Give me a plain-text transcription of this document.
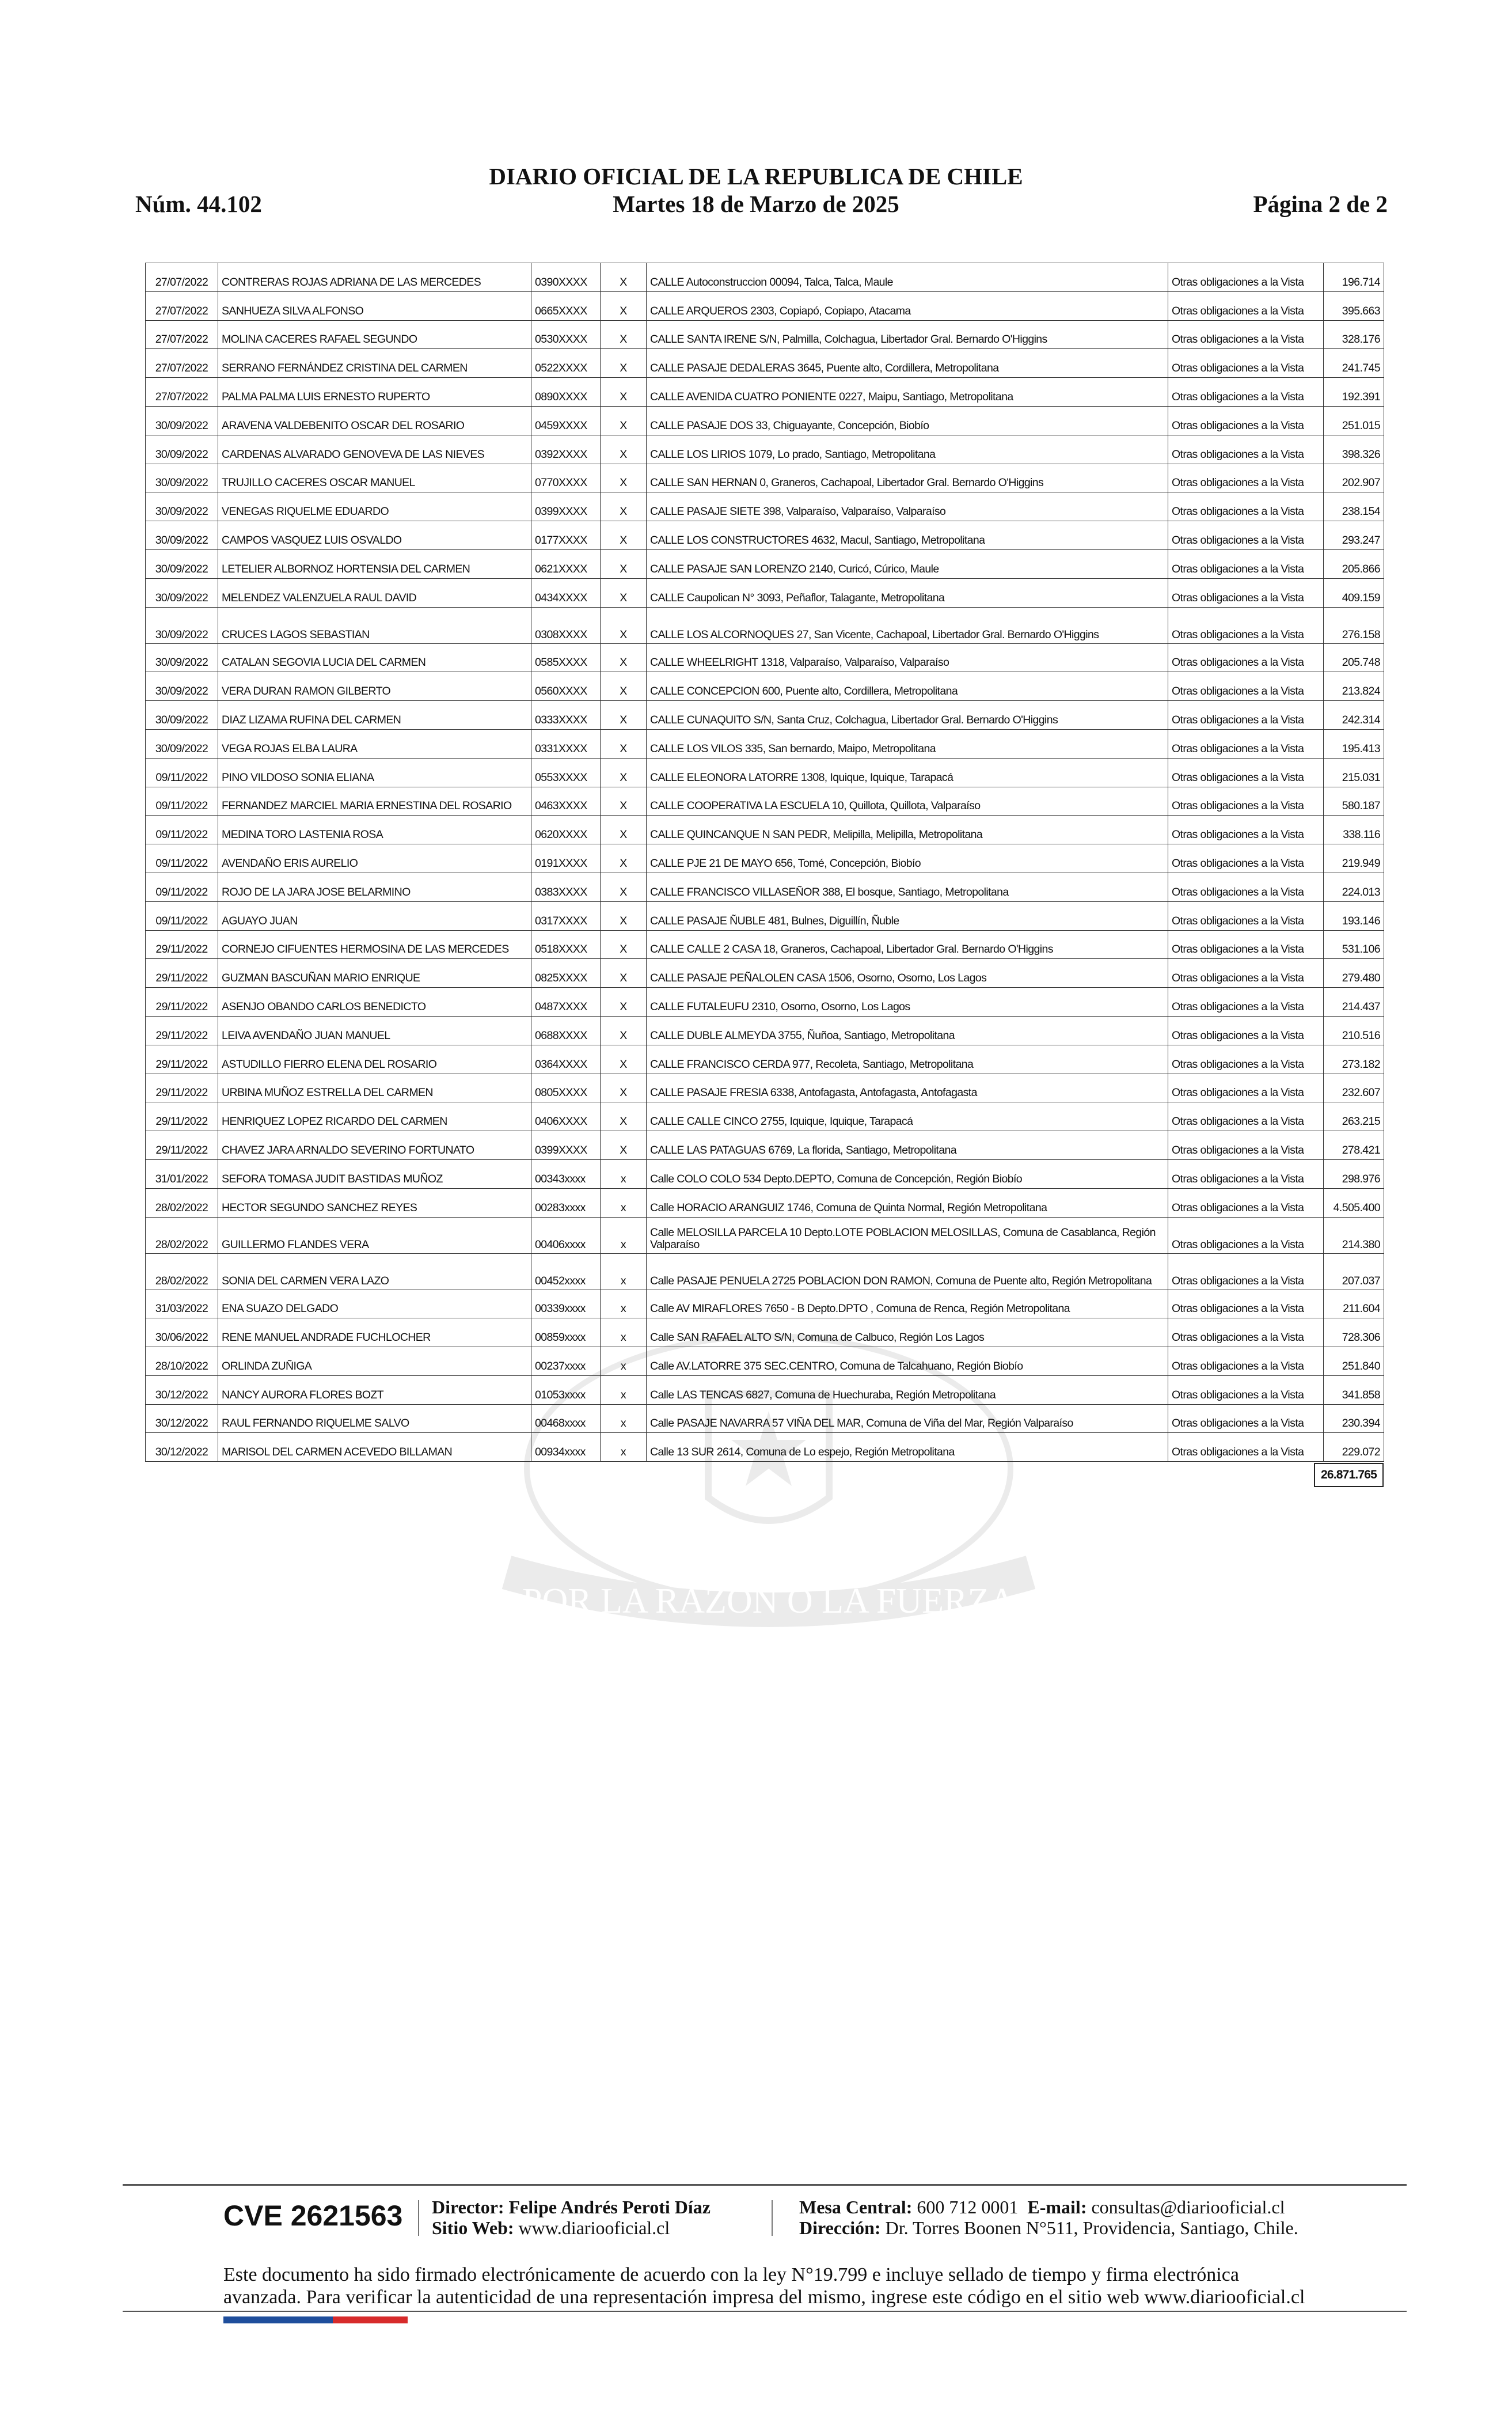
DIARIO OFICIAL DE LA REPUBLICA DE CHILE
Martes 18 de Marzo de 2025
Núm. 44.102	Página 2 de 2
POR LA RAZON O LA FUERZA
27/07/2022	CONTRERAS ROJAS ADRIANA DE LAS MERCEDES	0390XXXX	X	CALLE Autoconstruccion 00094, Talca, Talca, Maule	Otras obligaciones a la Vista	196.714
27/07/2022	SANHUEZA SILVA ALFONSO	0665XXXX	X	CALLE ARQUEROS 2303, Copiapó, Copiapo, Atacama	Otras obligaciones a la Vista	395.663
27/07/2022	MOLINA CACERES RAFAEL SEGUNDO	0530XXXX	X	CALLE SANTA IRENE S/N, Palmilla, Colchagua, Libertador Gral. Bernardo O'Higgins	Otras obligaciones a la Vista	328.176
27/07/2022	SERRANO FERNÁNDEZ CRISTINA DEL CARMEN	0522XXXX	X	CALLE PASAJE DEDALERAS 3645, Puente alto, Cordillera, Metropolitana	Otras obligaciones a la Vista	241.745
27/07/2022	PALMA PALMA LUIS ERNESTO RUPERTO	0890XXXX	X	CALLE AVENIDA CUATRO PONIENTE 0227, Maipu, Santiago, Metropolitana	Otras obligaciones a la Vista	192.391
30/09/2022	ARAVENA VALDEBENITO OSCAR DEL ROSARIO	0459XXXX	X	CALLE PASAJE DOS 33, Chiguayante, Concepción, Biobío	Otras obligaciones a la Vista	251.015
30/09/2022	CARDENAS ALVARADO GENOVEVA DE LAS NIEVES	0392XXXX	X	CALLE LOS LIRIOS 1079, Lo prado, Santiago, Metropolitana	Otras obligaciones a la Vista	398.326
30/09/2022	TRUJILLO CACERES OSCAR MANUEL	0770XXXX	X	CALLE SAN HERNAN 0, Graneros, Cachapoal, Libertador Gral. Bernardo O'Higgins	Otras obligaciones a la Vista	202.907
30/09/2022	VENEGAS RIQUELME EDUARDO	0399XXXX	X	CALLE PASAJE SIETE 398, Valparaíso, Valparaíso, Valparaíso	Otras obligaciones a la Vista	238.154
30/09/2022	CAMPOS VASQUEZ LUIS OSVALDO	0177XXXX	X	CALLE LOS CONSTRUCTORES 4632, Macul, Santiago, Metropolitana	Otras obligaciones a la Vista	293.247
30/09/2022	LETELIER ALBORNOZ HORTENSIA DEL CARMEN	0621XXXX	X	CALLE PASAJE SAN LORENZO 2140, Curicó, Cúrico, Maule	Otras obligaciones a la Vista	205.866
30/09/2022	MELENDEZ VALENZUELA RAUL DAVID	0434XXXX	X	CALLE Caupolican N° 3093, Peñaflor, Talagante, Metropolitana	Otras obligaciones a la Vista	409.159
30/09/2022	CRUCES LAGOS SEBASTIAN	0308XXXX	X	CALLE LOS ALCORNOQUES 27, San Vicente, Cachapoal, Libertador Gral. Bernardo O'Higgins	Otras obligaciones a la Vista	276.158
30/09/2022	CATALAN SEGOVIA LUCIA DEL CARMEN	0585XXXX	X	CALLE WHEELRIGHT 1318, Valparaíso, Valparaíso, Valparaíso	Otras obligaciones a la Vista	205.748
30/09/2022	VERA DURAN RAMON GILBERTO	0560XXXX	X	CALLE CONCEPCION 600, Puente alto, Cordillera, Metropolitana	Otras obligaciones a la Vista	213.824
30/09/2022	DIAZ LIZAMA RUFINA DEL CARMEN	0333XXXX	X	CALLE CUNAQUITO S/N, Santa Cruz, Colchagua, Libertador Gral. Bernardo O'Higgins	Otras obligaciones a la Vista	242.314
30/09/2022	VEGA ROJAS ELBA LAURA	0331XXXX	X	CALLE LOS VILOS 335, San bernardo, Maipo, Metropolitana	Otras obligaciones a la Vista	195.413
09/11/2022	PINO VILDOSO SONIA ELIANA	0553XXXX	X	CALLE ELEONORA LATORRE 1308, Iquique, Iquique, Tarapacá	Otras obligaciones a la Vista	215.031
09/11/2022	FERNANDEZ MARCIEL MARIA ERNESTINA DEL ROSARIO	0463XXXX	X	CALLE COOPERATIVA LA ESCUELA 10, Quillota, Quillota, Valparaíso	Otras obligaciones a la Vista	580.187
09/11/2022	MEDINA TORO LASTENIA ROSA	0620XXXX	X	CALLE QUINCANQUE N SAN PEDR, Melipilla, Melipilla, Metropolitana	Otras obligaciones a la Vista	338.116
09/11/2022	AVENDAÑO ERIS AURELIO	0191XXXX	X	CALLE PJE 21 DE MAYO 656, Tomé, Concepción, Biobío	Otras obligaciones a la Vista	219.949
09/11/2022	ROJO DE LA JARA JOSE BELARMINO	0383XXXX	X	CALLE FRANCISCO VILLASEÑOR 388, El bosque, Santiago, Metropolitana	Otras obligaciones a la Vista	224.013
09/11/2022	AGUAYO JUAN	0317XXXX	X	CALLE PASAJE ÑUBLE 481, Bulnes, Diguillín, Ñuble	Otras obligaciones a la Vista	193.146
29/11/2022	CORNEJO CIFUENTES HERMOSINA DE LAS MERCEDES	0518XXXX	X	CALLE CALLE 2 CASA 18, Graneros, Cachapoal, Libertador Gral. Bernardo O'Higgins	Otras obligaciones a la Vista	531.106
29/11/2022	GUZMAN BASCUÑAN MARIO ENRIQUE	0825XXXX	X	CALLE PASAJE PEÑALOLEN CASA 1506, Osorno, Osorno, Los Lagos	Otras obligaciones a la Vista	279.480
29/11/2022	ASENJO OBANDO CARLOS BENEDICTO	0487XXXX	X	CALLE FUTALEUFU 2310, Osorno, Osorno, Los Lagos	Otras obligaciones a la Vista	214.437
29/11/2022	LEIVA AVENDAÑO JUAN MANUEL	0688XXXX	X	CALLE DUBLE ALMEYDA 3755, Ñuñoa, Santiago, Metropolitana	Otras obligaciones a la Vista	210.516
29/11/2022	ASTUDILLO FIERRO ELENA DEL ROSARIO	0364XXXX	X	CALLE FRANCISCO CERDA 977, Recoleta, Santiago, Metropolitana	Otras obligaciones a la Vista	273.182
29/11/2022	URBINA MUÑOZ ESTRELLA DEL CARMEN	0805XXXX	X	CALLE PASAJE FRESIA 6338, Antofagasta, Antofagasta, Antofagasta	Otras obligaciones a la Vista	232.607
29/11/2022	HENRIQUEZ LOPEZ RICARDO DEL CARMEN	0406XXXX	X	CALLE CALLE CINCO 2755, Iquique, Iquique, Tarapacá	Otras obligaciones a la Vista	263.215
29/11/2022	CHAVEZ JARA ARNALDO SEVERINO FORTUNATO	0399XXXX	X	CALLE LAS PATAGUAS 6769, La florida, Santiago, Metropolitana	Otras obligaciones a la Vista	278.421
31/01/2022	SEFORA TOMASA JUDIT BASTIDAS MUÑOZ	00343xxxx	x	Calle COLO COLO 534 Depto.DEPTO, Comuna de Concepción, Región Biobío	Otras obligaciones a la Vista	298.976
28/02/2022	HECTOR SEGUNDO SANCHEZ REYES	00283xxxx	x	Calle HORACIO ARANGUIZ 1746, Comuna de Quinta Normal, Región Metropolitana	Otras obligaciones a la Vista	4.505.400
28/02/2022	GUILLERMO FLANDES VERA	00406xxxx	x	Calle MELOSILLA PARCELA 10 Depto.LOTE POBLACION MELOSILLAS, Comuna de Casablanca, Región Valparaíso	Otras obligaciones a la Vista	214.380
28/02/2022	SONIA DEL CARMEN VERA LAZO	00452xxxx	x	Calle PASAJE PENUELA 2725 POBLACION DON RAMON, Comuna de Puente alto, Región Metropolitana	Otras obligaciones a la Vista	207.037
31/03/2022	ENA SUAZO DELGADO	00339xxxx	x	Calle AV MIRAFLORES 7650 - B Depto.DPTO , Comuna de Renca, Región Metropolitana	Otras obligaciones a la Vista	211.604
30/06/2022	RENE MANUEL ANDRADE FUCHLOCHER	00859xxxx	x	Calle SAN RAFAEL ALTO S/N, Comuna de Calbuco, Región Los Lagos	Otras obligaciones a la Vista	728.306
28/10/2022	ORLINDA ZUÑIGA	00237xxxx	x	Calle AV.LATORRE 375 SEC.CENTRO, Comuna de Talcahuano, Región Biobío	Otras obligaciones a la Vista	251.840
30/12/2022	NANCY AURORA FLORES BOZT	01053xxxx	x	Calle LAS TENCAS 6827, Comuna de Huechuraba, Región Metropolitana	Otras obligaciones a la Vista	341.858
30/12/2022	RAUL FERNANDO RIQUELME SALVO	00468xxxx	x	Calle PASAJE NAVARRA 57 VIÑA DEL MAR, Comuna de Viña del Mar, Región Valparaíso	Otras obligaciones a la Vista	230.394
30/12/2022	MARISOL DEL CARMEN ACEVEDO BILLAMAN	00934xxxx	x	Calle 13 SUR 2614, Comuna de Lo espejo, Región Metropolitana	Otras obligaciones a la Vista	229.072
26.871.765
CVE 2621563 Director: Felipe Andrés Peroti Díaz
Sitio Web: www.diariooficial.cl
Mesa Central: 600 712 0001 E-mail: consultas@diariooficial.cl
Dirección: Dr. Torres Boonen N°511, Providencia, Santiago, Chile.
Este documento ha sido firmado electrónicamente de acuerdo con la ley N°19.799 e incluye sellado de tiempo y firma electrónica avanzada. Para verificar la autenticidad de una representación impresa del mismo, ingrese este código en el sitio web www.diariooficial.cl
